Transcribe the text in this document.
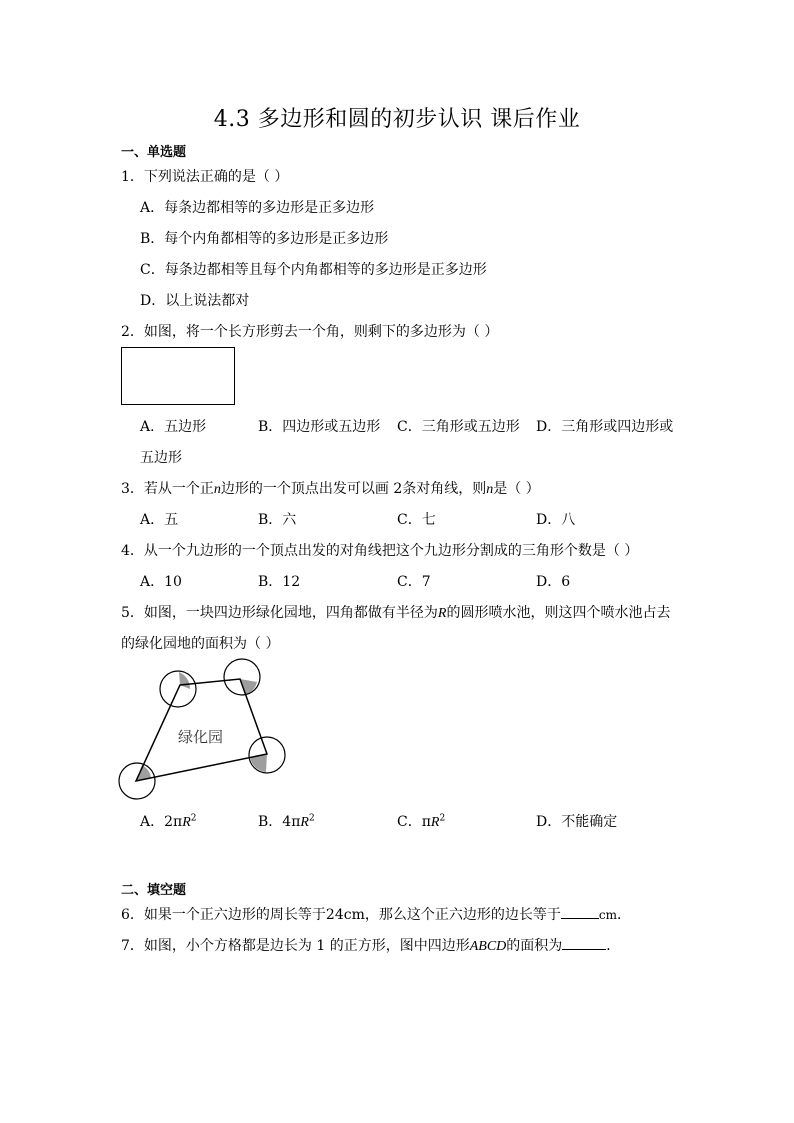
4.3 多边形和圆的初步认识 课后作业
一、单选题
1．下列说法正确的是（ ）
A．每条边都相等的多边形是正多边形
B．每个内角都相等的多边形是正多边形
C．每条边都相等且每个内角都相等的多边形是正多边形
D．以上说法都对
2．如图，将一个长方形剪去一个角，则剩下的多边形为（ ）
A．五边形	B．四边形或五边形 C．三角形或五边形 D．三角形或四边形或
五边形
3．若从一个正n边形的一个顶点出发可以画 2条对角线，则n是（ ）
A．五	B．六	C．七	D．八
4．从一个九边形的一个顶点出发的对角线把这个九边形分割成的三角形个数是（ ）
A．10	B．12	C．7	D．6
5．如图，一块四边形绿化园地，四角都做有半径为R的圆形喷水池，则这四个喷水池占去
的绿化园地的面积为（ ）
绿化园
A．$2\pi R^2$	B．$4\pi R^2$	C．$\pi R^2$	D．不能确定
二、填空题
6．如果一个正六边形的周长等于24cm，那么这个正六边形的边长等于	cm．
7．如图，小个方格都是边长为 1 的正方形，图中四边形ABCD的面积为	．
